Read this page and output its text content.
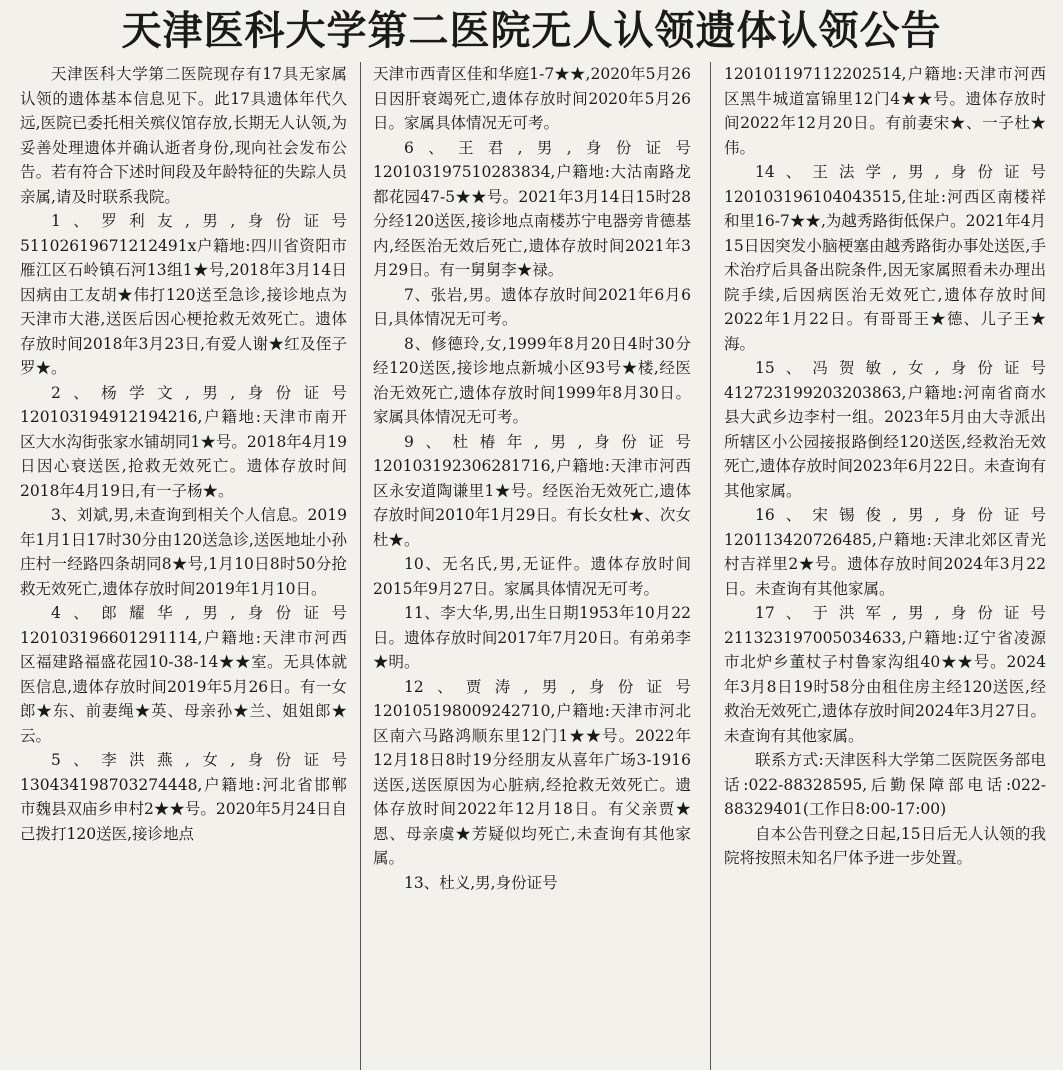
天津医科大学第二医院无人认领遗体认领公告

天津医科大学第二医院现存有17具无家属认领的遗体基本信息见下。此17具遗体年代久远,医院已委托相关殡仪馆存放,长期无人认领,为妥善处理遗体并确认逝者身份,现向社会发布公告。若有符合下述时间段及年龄特征的失踪人员亲属,请及时联系我院。

1、罗利友,男,身份证号51102619671212491x户籍地:四川省资阳市雁江区石岭镇石河13组1★号,2018年3月14日因病由工友胡★伟打120送至急诊,接诊地点为天津市大港,送医后因心梗抢救无效死亡。遗体存放时间2018年3月23日,有爱人谢★红及侄子罗★。

2、杨学文,男,身份证号120103194912194216,户籍地:天津市南开区大水沟街张家水铺胡同1★号。2018年4月19日因心衰送医,抢救无效死亡。遗体存放时间2018年4月19日,有一子杨★。

3、刘斌,男,未查询到相关个人信息。2019年1月1日17时30分由120送急诊,送医地址小孙庄村一经路四条胡同8★号,1月10日8时50分抢救无效死亡,遗体存放时间2019年1月10日。

4、郎耀华,男,身份证号120103196601291114,户籍地:天津市河西区福建路福盛花园10-38-14★★室。无具体就医信息,遗体存放时间2019年5月26日。有一女郎★东、前妻绳★英、母亲孙★兰、姐姐郎★云。

5、李洪燕,女,身份证号130434198703274448,户籍地:河北省邯郸市魏县双庙乡申村2★★号。2020年5月24日自己拨打120送医,接诊地点

天津市西青区佳和华庭1-7★★,2020年5月26日因肝衰竭死亡,遗体存放时间2020年5月26日。家属具体情况无可考。

6、王君,男,身份证号120103197510283834,户籍地:大沽南路龙都花园47-5★★号。2021年3月14日15时28分经120送医,接诊地点南楼苏宁电器旁肯德基内,经医治无效后死亡,遗体存放时间2021年3月29日。有一舅舅李★禄。

7、张岩,男。遗体存放时间2021年6月6日,具体情况无可考。

8、修德玲,女,1999年8月20日4时30分经120送医,接诊地点新城小区93号★楼,经医治无效死亡,遗体存放时间1999年8月30日。家属具体情况无可考。

9、杜椿年,男,身份证号120103192306281716,户籍地:天津市河西区永安道陶谦里1★号。经医治无效死亡,遗体存放时间2010年1月29日。有长女杜★、次女杜★。

10、无名氏,男,无证件。遗体存放时间2015年9月27日。家属具体情况无可考。

11、李大华,男,出生日期1953年10月22日。遗体存放时间2017年7月20日。有弟弟李★明。

12、贾涛,男,身份证号120105198009242710,户籍地:天津市河北区南六马路鸿顺东里12门1★★号。2022年12月18日8时19分经朋友从喜年广场3-1916送医,送医原因为心脏病,经抢救无效死亡。遗体存放时间2022年12月18日。有父亲贾★恩、母亲虞★芳疑似均死亡,未查询有其他家属。

13、杜义,男,身份证号

120101197112202514,户籍地:天津市河西区黑牛城道富锦里12门4★★号。遗体存放时间2022年12月20日。有前妻宋★、一子杜★伟。

14、王法学,男,身份证号120103196104043515,住址:河西区南楼祥和里16-7★★,为越秀路街低保户。2021年4月15日因突发小脑梗塞由越秀路街办事处送医,手术治疗后具备出院条件,因无家属照看未办理出院手续,后因病医治无效死亡,遗体存放时间2022年1月22日。有哥哥王★德、儿子王★海。

15、冯贺敏,女,身份证号412723199203203863,户籍地:河南省商水县大武乡边李村一组。2023年5月由大寺派出所辖区小公园接报路倒经120送医,经救治无效死亡,遗体存放时间2023年6月22日。未查询有其他家属。

16、宋锡俊,男,身份证号120113420726485,户籍地:天津北郊区青光村吉祥里2★号。遗体存放时间2024年3月22日。未查询有其他家属。

17、于洪军,男,身份证号211323197005034633,户籍地:辽宁省凌源市北炉乡董杖子村鲁家沟组40★★号。2024年3月8日19时58分由租住房主经120送医,经救治无效死亡,遗体存放时间2024年3月27日。未查询有其他家属。

联系方式:天津医科大学第二医院医务部电话:022-88328595,后勤保障部电话:022-88329401(工作日8:00-17:00)

自本公告刊登之日起,15日后无人认领的我院将按照未知名尸体予进一步处置。
